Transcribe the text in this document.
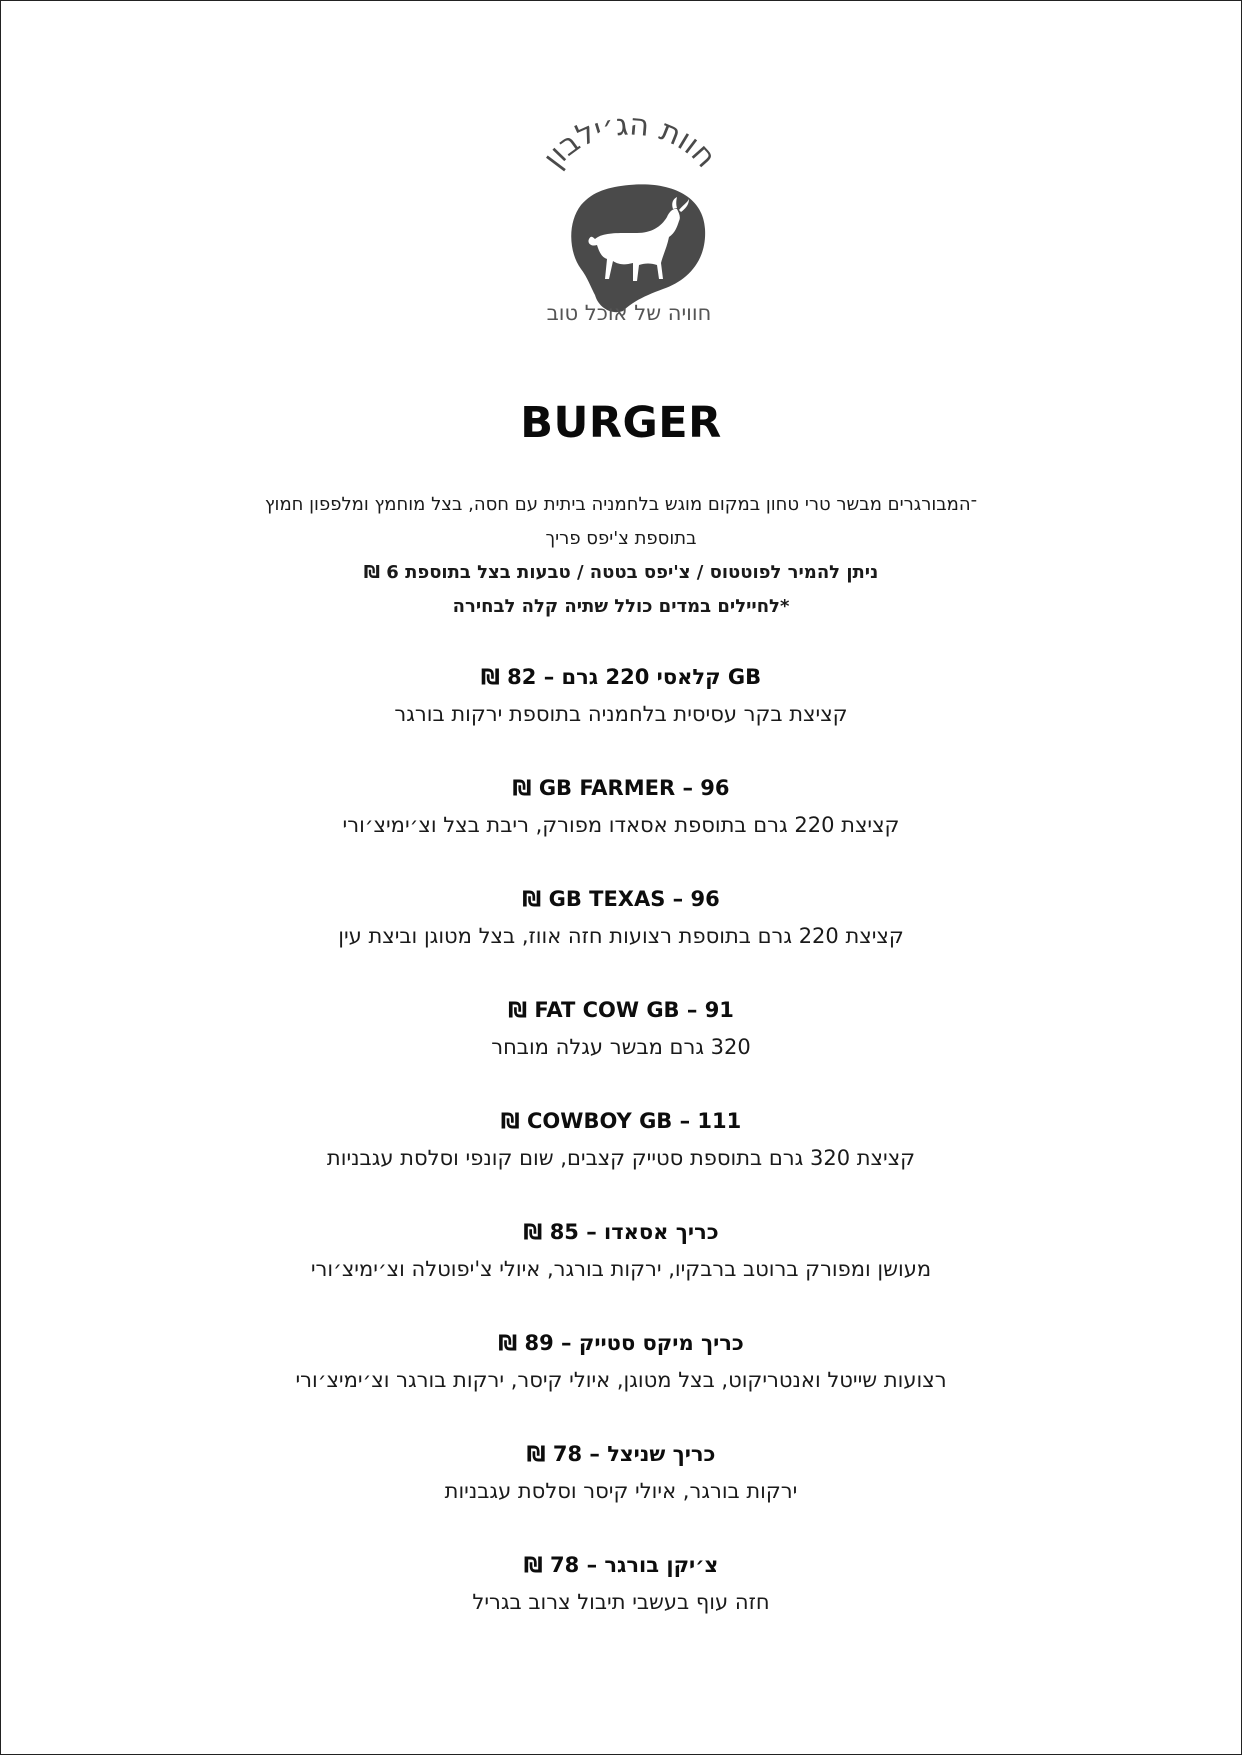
חוות הג׳ילבון
חוויה של אוכל טוב
BURGER
־המבורגרים מבשר טרי טחון במקום מוגש בלחמניה ביתית עם חסה, בצל מוחמץ ומלפפון חמוץ
בתוספת צ'יפס פריך
ניתן להמיר לפוטטוס / צ'יפס בטטה / טבעות בצל בתוספת 6 ₪
*לחיילים במדים כולל שתיה קלה לבחירה
GB קלאסי 220 גרם – 82 ₪
קציצת בקר עסיסית בלחמניה בתוספת ירקות בורגר
GB FARMER – 96 ₪
קציצת 220 גרם בתוספת אסאדו מפורק, ריבת בצל וצ׳ימיצ׳ורי
GB TEXAS – 96 ₪
קציצת 220 גרם בתוספת רצועות חזה אווז, בצל מטוגן וביצת עין
FAT COW GB – 91 ₪
320 גרם מבשר עגלה מובחר
COWBOY GB – 111 ₪
קציצת 320 גרם בתוספת סטייק קצבים, שום קונפי וסלסת עגבניות
כריך אסאדו – 85 ₪
מעושן ומפורק ברוטב ברבקיו, ירקות בורגר, איולי צ'יפוטלה וצ׳ימיצ׳ורי
כריך מיקס סטייק – 89 ₪
רצועות שייטל ואנטריקוט, בצל מטוגן, איולי קיסר, ירקות בורגר וצ׳ימיצ׳ורי
כריך שניצל – 78 ₪
ירקות בורגר, איולי קיסר וסלסת עגבניות
צ׳יקן בורגר – 78 ₪
חזה עוף בעשבי תיבול צרוב בגריל
